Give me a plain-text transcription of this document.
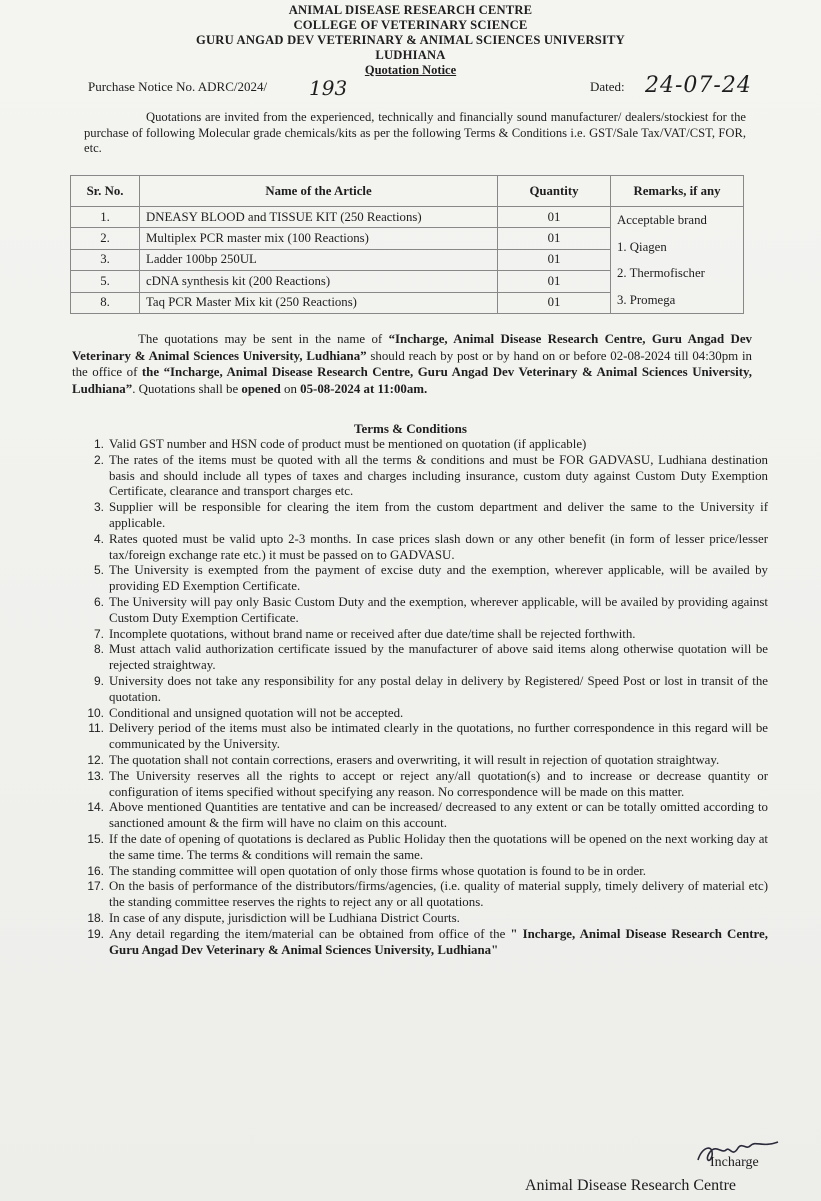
ANIMAL DISEASE RESEARCH CENTRE
COLLEGE OF VETERINARY SCIENCE
GURU ANGAD DEV VETERINARY & ANIMAL SCIENCES UNIVERSITY
LUDHIANA
Quotation Notice
Purchase Notice No. ADRC/2024/ 193	Dated: 24-07-24
Quotations are invited from the experienced, technically and financially sound manufacturer/ dealers/stockiest for the purchase of following Molecular grade chemicals/kits as per the following Terms & Conditions i.e. GST/Sale Tax/VAT/CST, FOR, etc.
Sr. No.	Name of the Article	Quantity	Remarks, if any
1.	DNEASY BLOOD and TISSUE KIT (250 Reactions)	01	Acceptable brand
1. Qiagen
2. Thermofischer
3. Promega

2.	Multiplex PCR master mix (100 Reactions)	01	
3.	Ladder 100bp 250UL	01	
5.	cDNA synthesis kit (200 Reactions)	01	
8.	Taq PCR Master Mix kit (250 Reactions)	01	
The quotations may be sent in the name of “Incharge, Animal Disease Research Centre, Guru Angad Dev Veterinary & Animal Sciences University, Ludhiana” should reach by post or by hand on or before 02-08-2024 till 04:30pm in the office of the “Incharge, Animal Disease Research Centre, Guru Angad Dev Veterinary & Animal Sciences University, Ludhiana”. Quotations shall be opened on 05-08-2024 at 11:00am.
Terms & Conditions
1. Valid GST number and HSN code of product must be mentioned on quotation (if applicable)
2. The rates of the items must be quoted with all the terms & conditions and must be FOR GADVASU, Ludhiana destination basis and should include all types of taxes and charges including insurance, custom duty against Custom Duty Exemption Certificate, clearance and transport charges etc.
3. Supplier will be responsible for clearing the item from the custom department and deliver the same to the University if applicable.
4. Rates quoted must be valid upto 2-3 months. In case prices slash down or any other benefit (in form of lesser price/lesser tax/foreign exchange rate etc.) it must be passed on to GADVASU.
5. The University is exempted from the payment of excise duty and the exemption, wherever applicable, will be availed by providing ED Exemption Certificate.
6. The University will pay only Basic Custom Duty and the exemption, wherever applicable, will be availed by providing against Custom Duty Exemption Certificate.
7. Incomplete quotations, without brand name or received after due date/time shall be rejected forthwith.
8. Must attach valid authorization certificate issued by the manufacturer of above said items along otherwise quotation will be rejected straightway.
9. University does not take any responsibility for any postal delay in delivery by Registered/ Speed Post or lost in transit of the quotation.
10. Conditional and unsigned quotation will not be accepted.
11. Delivery period of the items must also be intimated clearly in the quotations, no further correspondence in this regard will be communicated by the University.
12. The quotation shall not contain corrections, erasers and overwriting, it will result in rejection of quotation straightway.
13. The University reserves all the rights to accept or reject any/all quotation(s) and to increase or decrease quantity or configuration of items specified without specifying any reason. No correspondence will be made on this matter.
14. Above mentioned Quantities are tentative and can be increased/ decreased to any extent or can be totally omitted according to sanctioned amount & the firm will have no claim on this account.
15. If the date of opening of quotations is declared as Public Holiday then the quotations will be opened on the next working day at the same time. The terms & conditions will remain the same.
16. The standing committee will open quotation of only those firms whose quotation is found to be in order.
17. On the basis of performance of the distributors/firms/agencies, (i.e. quality of material supply, timely delivery of material etc) the standing committee reserves the rights to reject any or all quotations.
18. In case of any dispute, jurisdiction will be Ludhiana District Courts.
19. Any detail regarding the item/material can be obtained from office of the " Incharge, Animal Disease Research Centre, Guru Angad Dev Veterinary & Animal Sciences University, Ludhiana"
Incharge
Animal Disease Research Centre
